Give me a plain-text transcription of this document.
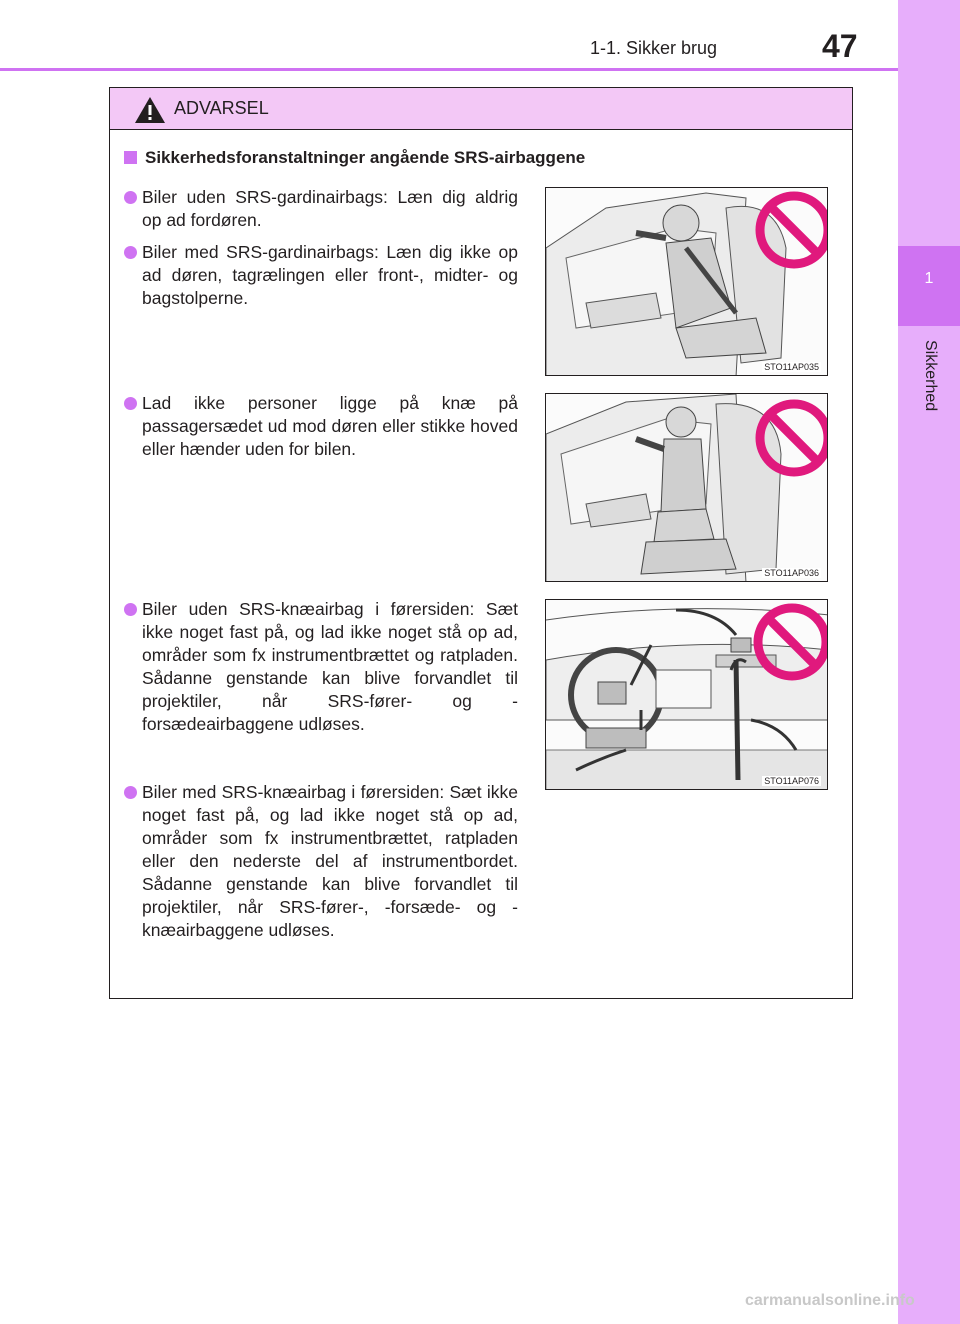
1
Sikkerhed
1-1. Sikker brug	47
ADVARSEL
Sikkerhedsforanstaltninger angående SRS-airbaggene
Biler uden SRS-gardinairbags: Læn dig aldrig op ad fordøren.
Biler med SRS-gardinairbags: Læn dig ikke op ad døren, tagrælingen eller front-, midter- og bagstolperne.
Lad ikke personer ligge på knæ på passagersædet ud mod døren eller stikke hoved eller hænder uden for bilen.
Biler uden SRS-knæairbag i førersiden: Sæt ikke noget fast på, og lad ikke noget stå op ad, områder som fx instrumentbrættet og ratpladen. Sådanne genstande kan blive forvandlet til projektiler, når SRS-fører- og -forsædeairbaggene udløses.
Biler med SRS-knæairbag i førersiden: Sæt ikke noget fast på, og lad ikke noget stå op ad, områder som fx instrumentbrættet, ratpladen eller den nederste del af instrumentbordet. Sådanne genstande kan blive forvandlet til projektiler, når SRS-fører-, -forsæde- og -knæairbaggene udløses.
STO11AP035
STO11AP036
STO11AP076
carmanualsonline.info
